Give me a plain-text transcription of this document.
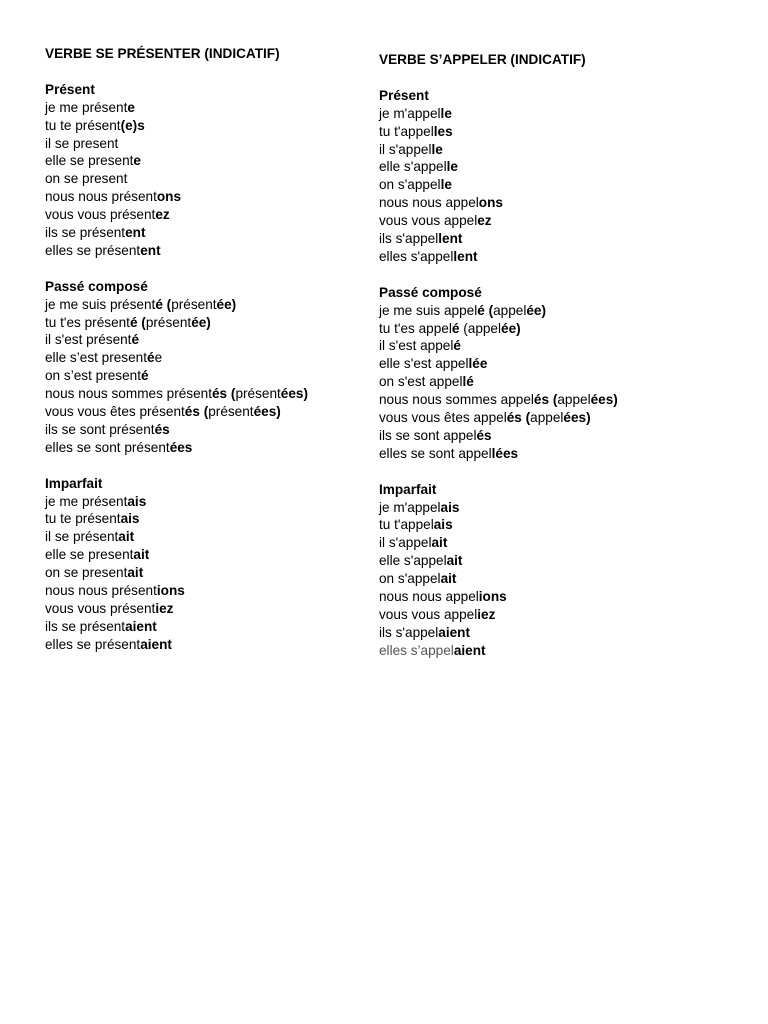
VERBE SE PRÉSENTER (INDICATIF)
Présent
je me présente
tu te présent(e)s
il se present
elle se presente
on se present
nous nous présentons
vous vous présentez
ils se présentent
elles se présentent
Passé composé
je me suis présenté (présentée)
tu t'es présenté (présentée)
il s'est présenté
elle s’est presentée
on s’est presenté
nous nous sommes présentés (présentées)
vous vous êtes présentés (présentées)
ils se sont présentés
elles se sont présentées
Imparfait
je me présentais
tu te présentais
il se présentait
elle se presentait
on se presentait
nous nous présentions
vous vous présentiez
ils se présentaient
elles se présentaient
VERBE S’APPELER (INDICATIF)
Présent
je m'appelle
tu t'appelles
il s'appelle
elle s'appelle
on s'appelle
nous nous appelons
vous vous appelez
ils s'appellent
elles s'appellent
Passé composé
je me suis appelé (appelée)
tu t'es appelé (appelée)
il s'est appelé
elle s'est appellée
on s'est appellé
nous nous sommes appelés (appelées)
vous vous êtes appelés (appelées)
ils se sont appelés
elles se sont appellées
Imparfait
je m'appelais
tu t'appelais
il s'appelait
elle s'appelait
on s'appelait
nous nous appelions
vous vous appeliez
ils s'appelaient
elles s’appelaient
